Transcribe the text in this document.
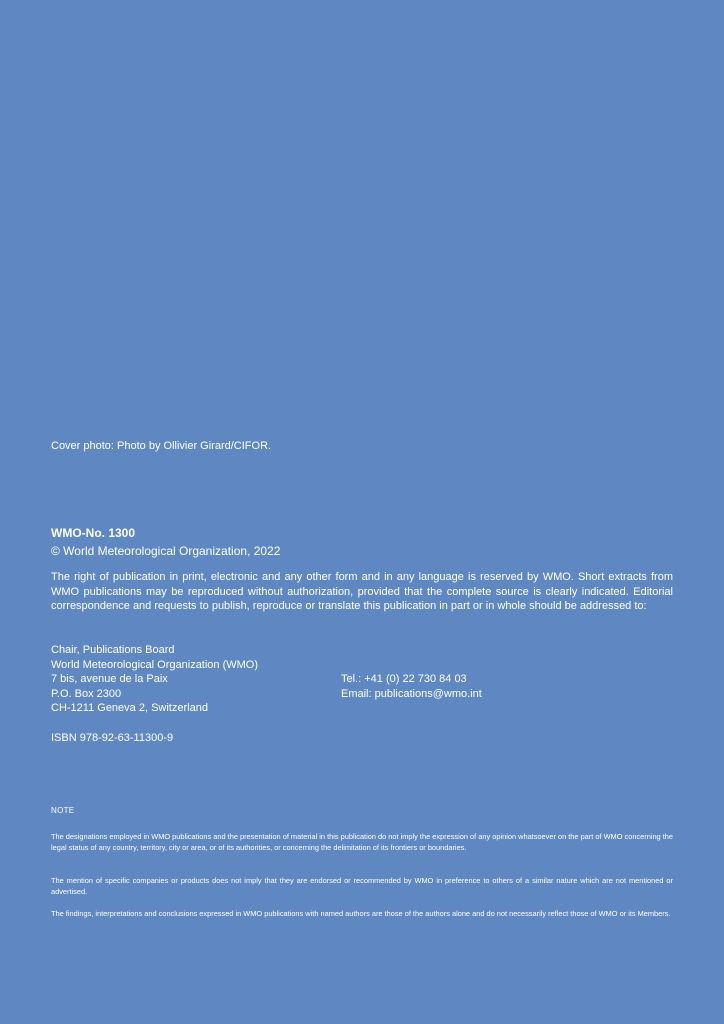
Cover photo: Photo by Ollivier Girard/CIFOR.
WMO-No. 1300
© World Meteorological Organization, 2022

The right of publication in print, electronic and any other form and in any language is reserved by WMO. Short extracts from WMO publications may be reproduced without authorization, provided that the complete source is clearly indicated. Editorial correspondence and requests to publish, reproduce or translate this publication in part or in whole should be addressed to:

Chair, Publications Board
World Meteorological Organization (WMO)
7 bis, avenue de la Paix	Tel.: +41 (0) 22 730 84 03
P.O. Box 2300	Email: publications@wmo.int
CH-1211 Geneva 2, Switzerland
ISBN 978-92-63-11300-9
NOTE

The designations employed in WMO publications and the presentation of material in this publication do not imply the expression of any opinion whatsoever on the part of WMO concerning the legal status of any country, territory, city or area, or of its authorities, or concerning the delimitation of its frontiers or boundaries.

The mention of specific companies or products does not imply that they are endorsed or recommended by WMO in preference to others of a similar nature which are not mentioned or advertised.

The findings, interpretations and conclusions expressed in WMO publications with named authors are those of the authors alone and do not necessarily reflect those of WMO or its Members.
